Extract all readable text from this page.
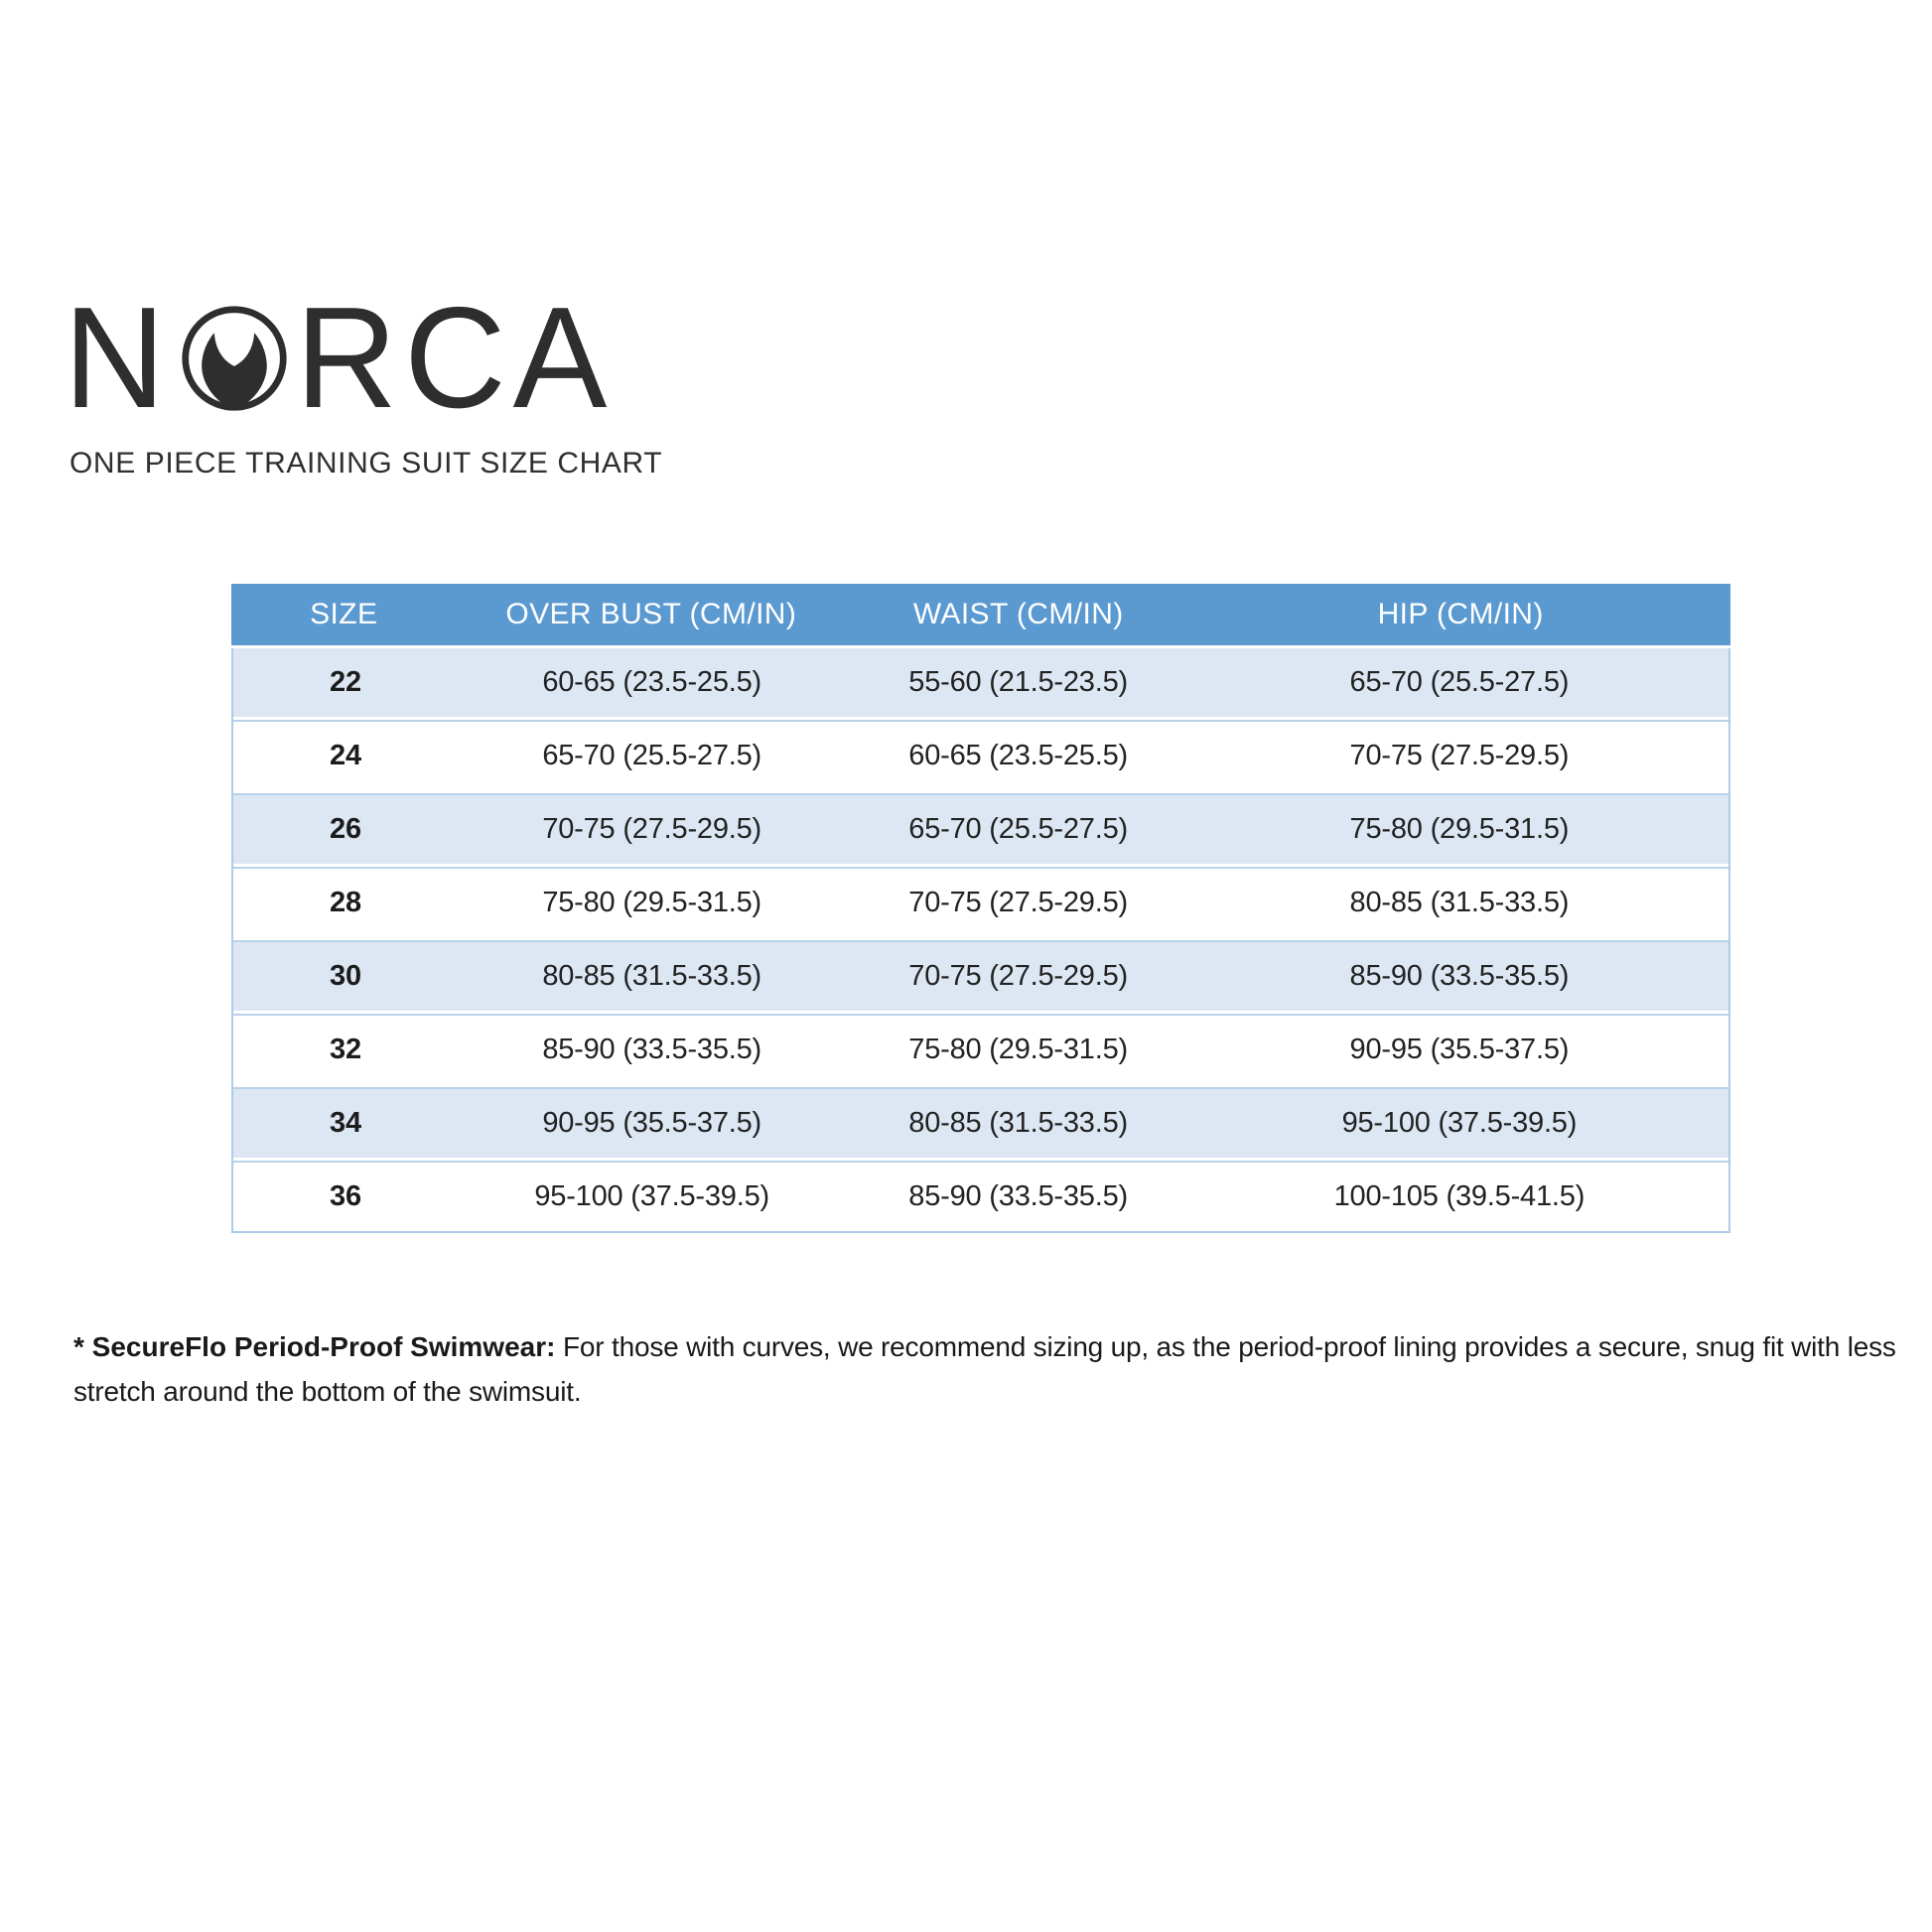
N RCA
ONE PIECE TRAINING SUIT SIZE CHART
SIZE	OVER BUST (CM/IN)	WAIST (CM/IN)	HIP (CM/IN)
22	60-65 (23.5-25.5)	55-60 (21.5-23.5)	65-70 (25.5-27.5)
24	65-70 (25.5-27.5)	60-65 (23.5-25.5)	70-75 (27.5-29.5)
26	70-75 (27.5-29.5)	65-70 (25.5-27.5)	75-80 (29.5-31.5)
28	75-80 (29.5-31.5)	70-75 (27.5-29.5)	80-85 (31.5-33.5)
30	80-85 (31.5-33.5)	70-75 (27.5-29.5)	85-90 (33.5-35.5)
32	85-90 (33.5-35.5)	75-80 (29.5-31.5)	90-95 (35.5-37.5)
34	90-95 (35.5-37.5)	80-85 (31.5-33.5)	95-100 (37.5-39.5)
36	95-100 (37.5-39.5)	85-90 (33.5-35.5)	100-105 (39.5-41.5)

* SecureFlo Period-Proof Swimwear: For those with curves, we recommend sizing up, as the period-proof lining provides a secure, snug fit with less stretch around the bottom of the swimsuit.
